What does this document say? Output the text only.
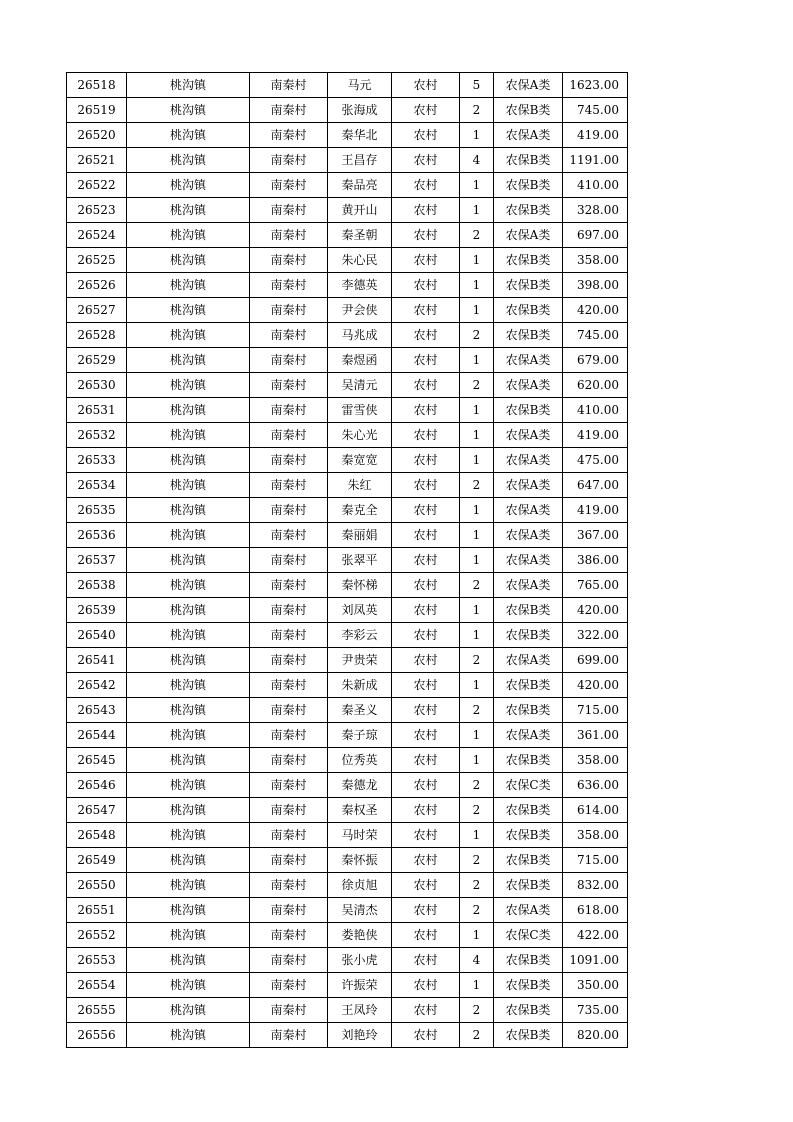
26518	桃沟镇	南秦村	马元	农村	5	农保A类	1623.00
26519	桃沟镇	南秦村	张海成	农村	2	农保B类	745.00
26520	桃沟镇	南秦村	秦华北	农村	1	农保A类	419.00
26521	桃沟镇	南秦村	王昌存	农村	4	农保B类	1191.00
26522	桃沟镇	南秦村	秦品亮	农村	1	农保B类	410.00
26523	桃沟镇	南秦村	黄开山	农村	1	农保B类	328.00
26524	桃沟镇	南秦村	秦圣朝	农村	2	农保A类	697.00
26525	桃沟镇	南秦村	朱心民	农村	1	农保B类	358.00
26526	桃沟镇	南秦村	李德英	农村	1	农保B类	398.00
26527	桃沟镇	南秦村	尹会侠	农村	1	农保B类	420.00
26528	桃沟镇	南秦村	马兆成	农村	2	农保B类	745.00
26529	桃沟镇	南秦村	秦煜函	农村	1	农保A类	679.00
26530	桃沟镇	南秦村	吴清元	农村	2	农保A类	620.00
26531	桃沟镇	南秦村	雷雪侠	农村	1	农保B类	410.00
26532	桃沟镇	南秦村	朱心光	农村	1	农保A类	419.00
26533	桃沟镇	南秦村	秦宽宽	农村	1	农保A类	475.00
26534	桃沟镇	南秦村	朱红	农村	2	农保A类	647.00
26535	桃沟镇	南秦村	秦克全	农村	1	农保A类	419.00
26536	桃沟镇	南秦村	秦丽娟	农村	1	农保A类	367.00
26537	桃沟镇	南秦村	张翠平	农村	1	农保A类	386.00
26538	桃沟镇	南秦村	秦怀梯	农村	2	农保A类	765.00
26539	桃沟镇	南秦村	刘凤英	农村	1	农保B类	420.00
26540	桃沟镇	南秦村	李彩云	农村	1	农保B类	322.00
26541	桃沟镇	南秦村	尹贵荣	农村	2	农保A类	699.00
26542	桃沟镇	南秦村	朱新成	农村	1	农保B类	420.00
26543	桃沟镇	南秦村	秦圣义	农村	2	农保B类	715.00
26544	桃沟镇	南秦村	秦子琼	农村	1	农保A类	361.00
26545	桃沟镇	南秦村	位秀英	农村	1	农保B类	358.00
26546	桃沟镇	南秦村	秦德龙	农村	2	农保C类	636.00
26547	桃沟镇	南秦村	秦权圣	农村	2	农保B类	614.00
26548	桃沟镇	南秦村	马时荣	农村	1	农保B类	358.00
26549	桃沟镇	南秦村	秦怀振	农村	2	农保B类	715.00
26550	桃沟镇	南秦村	徐贞旭	农村	2	农保B类	832.00
26551	桃沟镇	南秦村	吴清杰	农村	2	农保A类	618.00
26552	桃沟镇	南秦村	娄艳侠	农村	1	农保C类	422.00
26553	桃沟镇	南秦村	张小虎	农村	4	农保B类	1091.00
26554	桃沟镇	南秦村	许振荣	农村	1	农保B类	350.00
26555	桃沟镇	南秦村	王凤玲	农村	2	农保B类	735.00
26556	桃沟镇	南秦村	刘艳玲	农村	2	农保B类	820.00
